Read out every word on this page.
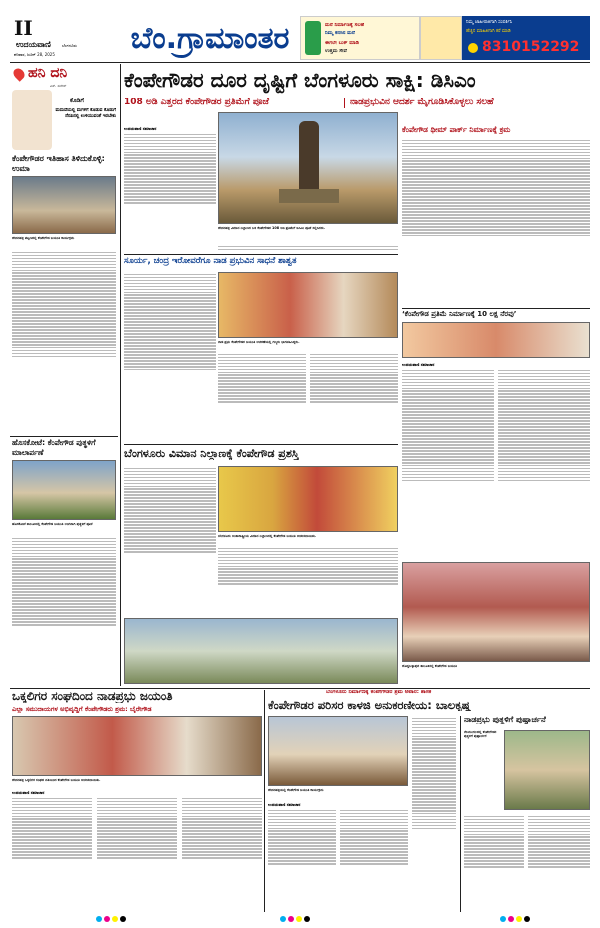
II
ಉದಯವಾಣಿ	ಬೆಂಗಳೂರು
ಶನಿವಾರ, ಜೂನ್ 28, 2025	ಬೆಂ.ಗ್ರಾಮಾಂತರ	ಮನೆ ನಿರ್ಮಾಣಕ್ಕೆ ಸಲಹೆ
ನಿಮ್ಮ ಕನಸಿನ ಮನೆ
ಈಗಲೇ ಬುಕ್ ಮಾಡಿ
ಉತ್ತಮ ಸೇವೆ
ನಿಮ್ಮ ಜಾಹೀರಾತಿಗಾಗಿ ಸಂಪರ್ಕಿಸಿ
ಹೆಚ್ಚಿನ ಮಾಹಿತಿಗಾಗಿ ಕರೆ ಮಾಡಿ
8310152292
ಹನಿ ದನಿ
ಎಸ್. ಸುರೇಶ್
ಕೊಡಿಗೆ
ಮದುವೆಯಲ್ಲಿ ಮಗಳಿಗೆ ಕೊಡುವ ಕೊಡುಗೆ ನೆನಪಿನಲ್ಲಿ ಉಳಿಯುವಂತೆ ಇರಬೇಕು
ಕೆಂಪೇಗೌಡರ ಇತಿಹಾಸ ತಿಳಿದುಕೊಳ್ಳಿ: ಉಮಾ
ದೇವನಹಳ್ಳಿ ಪಟ್ಟಣದಲ್ಲಿ ಕೆಂಪೇಗೌಡ ಜಯಂತಿ ಕಾರ್ಯಕ್ರಮ
ಹೊಸಕೋಟೆ: ಕೆಂಪೇಗೌಡ ಪುತ್ಥಳಿಗೆ ಮಾಲಾರ್ಪಣೆ
ಹೊಸಕೋಟೆ ತಾಲೂಕಿನಲ್ಲಿ ಕೆಂಪೇಗೌಡ ಜಯಂತಿ ಅಂಗವಾಗಿ ಪುತ್ಥಳಿಗೆ ಪೂಜೆ
ಕೆಂಪೇಗೌಡರ ದೂರ ದೃಷ್ಟಿಗೆ ಬೆಂಗಳೂರು ಸಾಕ್ಷಿ: ಡಿಸಿಎಂ
108 ಅಡಿ ಎತ್ತರದ ಕೆಂಪೇಗೌಡರ ಪ್ರತಿಮೆಗೆ ಪೂಜೆ	ನಾಡಪ್ರಭುವಿನ ಆದರ್ಶ ಮೈಗೂಡಿಸಿಕೊಳ್ಳಲು ಸಲಹೆ
ಉದಯವಾಣಿ ಸಮಾಚಾರ
ದೇವನಹಳ್ಳಿ ವಿಮಾನ ನಿಲ್ದಾಣದ ಬಳಿ ಕೆಂಪೇಗೌಡರ 108 ಅಡಿ ಪ್ರತಿಮೆಗೆ ಡಿಸಿಎಂ ಪೂಜೆ ಸಲ್ಲಿಸಿದರು.
ಕೆಂಪೇಗೌಡ ಥೀಮ್ ಪಾರ್ಕ್ ನಿರ್ಮಾಣಕ್ಕೆ ಕ್ರಮ
ಸೂರ್ಯ, ಚಂದ್ರ ಇರೋವರೆಗೂ ನಾಡ ಪ್ರಭುವಿನ ಸಾಧನೆ ಶಾಶ್ವತ
ನಾಡ ಪ್ರಭು ಕೆಂಪೇಗೌಡರ ಜಯಂತಿ ಆಚರಣೆಯಲ್ಲಿ ಗಣ್ಯರು ಭಾಗವಹಿಸಿದ್ದರು.
‘ಕೆಂಪೇಗೌಡ ಪ್ರತಿಮೆ ನಿರ್ಮಾಣಕ್ಕೆ 10 ಲಕ್ಷ ನೆರವು’
ಉದಯವಾಣಿ ಸಮಾಚಾರ
ಬೆಂಗಳೂರು ವಿಮಾನ ನಿಲ್ದಾಣಕ್ಕೆ ಕೆಂಪೇಗೌಡ ಪ್ರಶಸ್ತಿ
ಬೆಂಗಳೂರು ಅಂತಾರಾಷ್ಟ್ರೀಯ ವಿಮಾನ ನಿಲ್ದಾಣದಲ್ಲಿ ಕೆಂಪೇಗೌಡ ಜಯಂತಿ ಆಚರಿಸಲಾಯಿತು.
ದೊಡ್ಡಬಳ್ಳಾಪುರ ತಾಲೂಕಿನಲ್ಲಿ ಕೆಂಪೇಗೌಡ ಜಯಂತಿ
ಒಕ್ಕಲಿಗರ ಸಂಘದಿಂದ ನಾಡಪ್ರಭು ಜಯಂತಿ
ಎಲ್ಲಾ ಸಮುದಾಯಗಳ ಅಭಿವೃದ್ಧಿಗೆ ಕೆಂಪೇಗೌಡರು ಶ್ರಮ: ಬೈರೇಗೌಡ
ದೇವನಹಳ್ಳಿ ಒಕ್ಕಲಿಗರ ಸಂಘದ ವತಿಯಿಂದ ಕೆಂಪೇಗೌಡ ಜಯಂತಿ ಆಚರಿಸಲಾಯಿತು.
ಉದಯವಾಣಿ ಸಮಾಚಾರ
ಬೆಂಗಳೂರು ನಿರ್ಮಾಣಕ್ಕೆ ಕೆಂಪೇಗೌಡರ ಶ್ರಮ ಅಪಾರ: ಶಾಸಕ
ಕೆಂಪೇಗೌಡರ ಪರಿಸರ ಕಾಳಜಿ ಅನುಕರಣೀಯ: ಬಾಲಕೃಷ್ಣ
ದೇವನಹಳ್ಳಿಯಲ್ಲಿ ಕೆಂಪೇಗೌಡ ಜಯಂತಿ ಕಾರ್ಯಕ್ರಮ
ಉದಯವಾಣಿ ಸಮಾಚಾರ
ನಾಡಪ್ರಭು ಪುತ್ಥಳಿಗೆ ಪುಷ್ಪಾರ್ಚನೆ
ನೆಲಮಂಗಲದಲ್ಲಿ ಕೆಂಪೇಗೌಡರ ಪುತ್ಥಳಿಗೆ ಪುಷ್ಪಾರ್ಚನೆ
